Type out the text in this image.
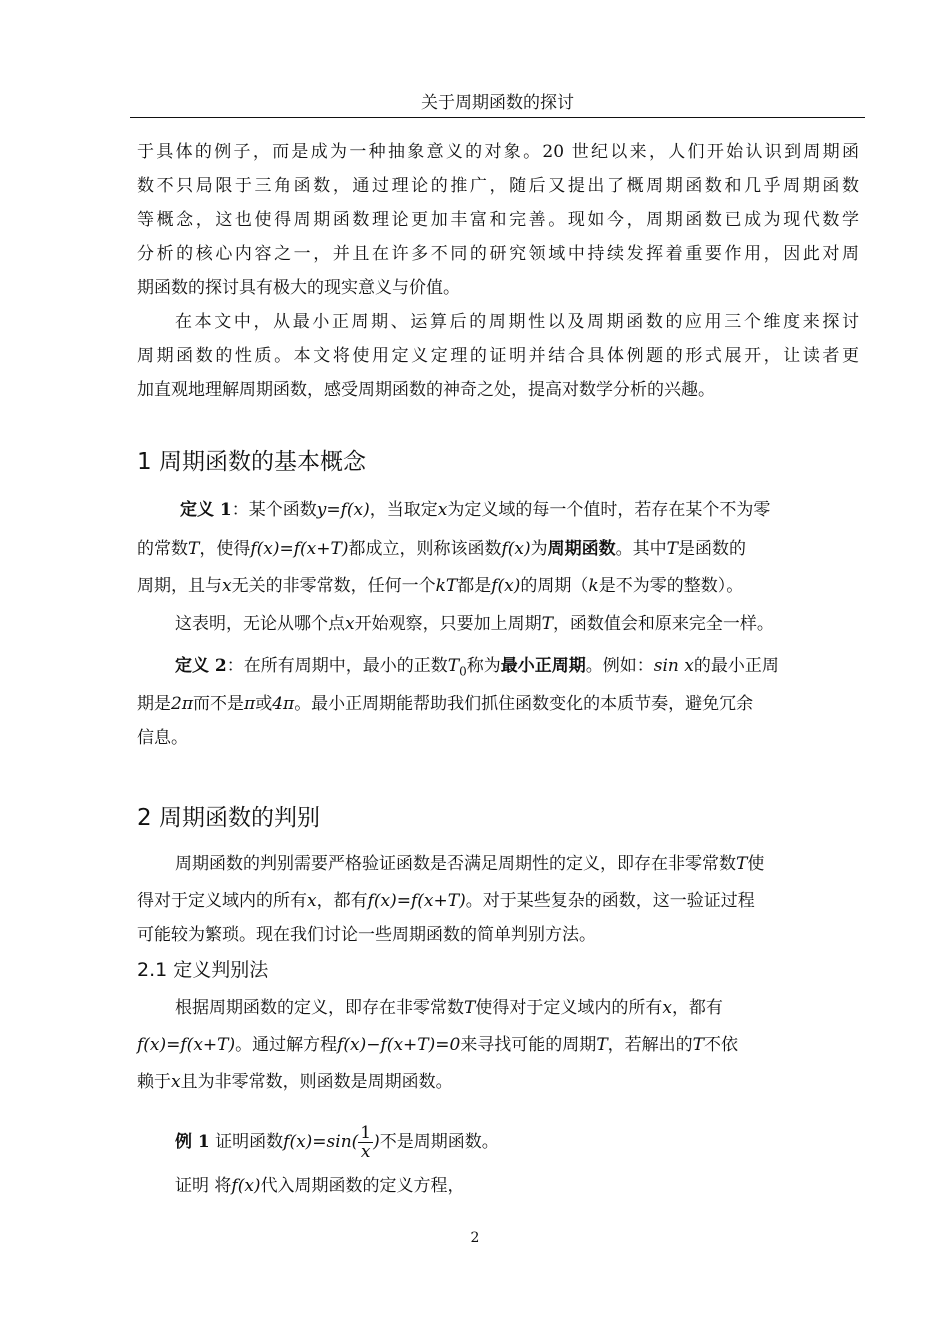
关于周期函数的探讨
于具体的例子，而是成为一种抽象意义的对象。20 世纪以来，人们开始认识到周期函
数不只局限于三角函数，通过理论的推广，随后又提出了概周期函数和几乎周期函数
等概念，这也使得周期函数理论更加丰富和完善。现如今，周期函数已成为现代数学
分析的核心内容之一，并且在许多不同的研究领域中持续发挥着重要作用，因此对周
期函数的探讨具有极大的现实意义与价值。
在本文中，从最小正周期、运算后的周期性以及周期函数的应用三个维度来探讨
周期函数的性质。本文将使用定义定理的证明并结合具体例题的形式展开，让读者更
加直观地理解周期函数，感受周期函数的神奇之处，提高对数学分析的兴趣。
1 周期函数的基本概念
定义 1：某个函数y=f(x)，当取定x为定义域的每一个值时，若存在某个不为零
的常数T，使得f(x)=f(x+T)都成立，则称该函数f(x)为周期函数。其中T是函数的
周期，且与x无关的非零常数，任何一个kT都是f(x)的周期（k是不为零的整数）。
这表明，无论从哪个点x开始观察，只要加上周期T，函数值会和原来完全一样。
定义 2：在所有周期中，最小的正数$T_0$称为最小正周期。例如：sin x的最小正周
期是2π而不是π或4π。最小正周期能帮助我们抓住函数变化的本质节奏，避免冗余
信息。
2 周期函数的判别
周期函数的判别需要严格验证函数是否满足周期性的定义，即存在非零常数T使
得对于定义域内的所有x，都有f(x)=f(x+T)。对于某些复杂的函数，这一验证过程
可能较为繁琐。现在我们讨论一些周期函数的简单判别方法。
2.1 定义判别法
根据周期函数的定义，即存在非零常数T使得对于定义域内的所有x，都有
f(x)=f(x+T)。通过解方程f(x)−f(x+T)=0来寻找可能的周期T，若解出的T不依
赖于x且为非零常数，则函数是周期函数。
例 1 证明函数$f(x)=\sin( \frac{1}{x}$ )不是周期函数。
证明 将f(x)代入周期函数的定义方程，
2
